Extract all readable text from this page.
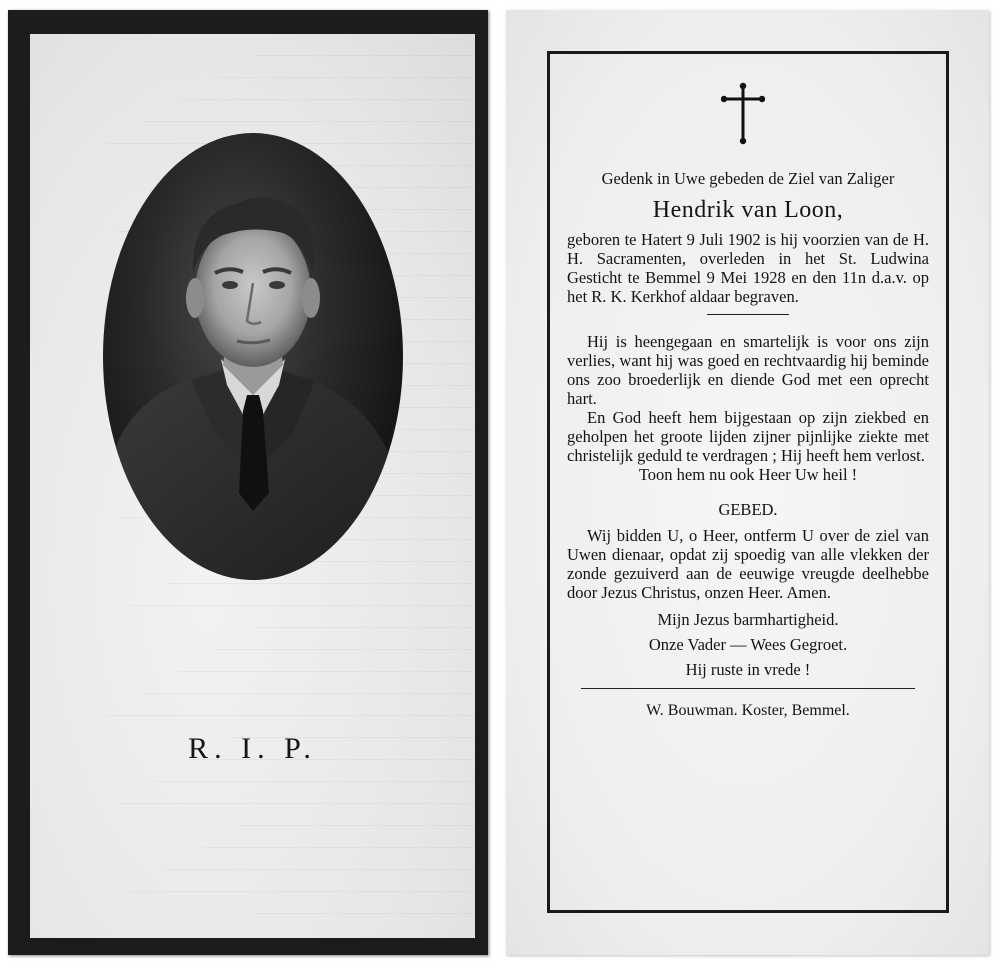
R. I. P.

Gedenk in Uwe gebeden de Ziel van Zaliger

Hendrik van Loon,

geboren te Hatert 9 Juli 1902 is hij voorzien van de H. H. Sacramenten, overleden in het St. Ludwina Gesticht te Bemmel 9 Mei 1928 en den 11n d.a.v. op het R. K. Kerkhof aldaar begraven.

Hij is heengegaan en smartelijk is voor ons zijn verlies, want hij was goed en rechtvaardig hij beminde ons zoo broederlijk en diende God met een oprecht hart.

En God heeft hem bijgestaan op zijn ziekbed en geholpen het groote lijden zijner pijnlijke ziekte met christelijk geduld te verdragen ; Hij heeft hem verlost.

Toon hem nu ook Heer Uw heil !

GEBED.

Wij bidden U, o Heer, ontferm U over de ziel van Uwen dienaar, opdat zij spoedig van alle vlekken der zonde gezuiverd aan de eeuwige vreugde deelhebbe door Jezus Christus, onzen Heer. Amen.

Mijn Jezus barmhartigheid.

Onze Vader — Wees Gegroet.

Hij ruste in vrede !

W. Bouwman. Koster, Bemmel.
